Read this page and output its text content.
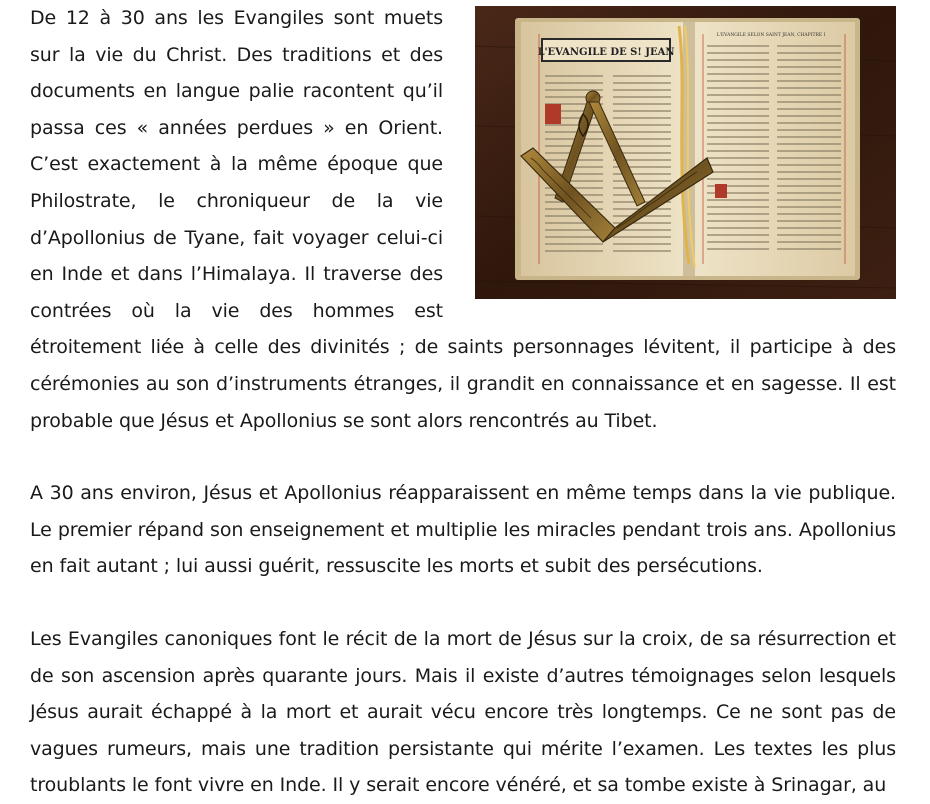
L'EVANGILE DE S! JEAN
L'EVANGILE SELON SAINT JEAN, CHAPITRE I

De 12 à 30 ans les Evangiles sont muets sur la vie du Christ. Des traditions et des documents en langue palie racontent qu’il passa ces « années perdues » en Orient. C’est exactement à la même époque que Philostrate, le chroniqueur de la vie d’Apollonius de Tyane, fait voyager celui-ci en Inde et dans l’Himalaya. Il traverse des contrées où la vie des hommes est étroitement liée à celle des divinités ; de saints personnages lévitent, il participe à des cérémonies au son d’instruments étranges, il grandit en connaissance et en sagesse. Il est probable que Jésus et Apollonius se sont alors rencontrés au Tibet.

A 30 ans environ, Jésus et Apollonius réapparaissent en même temps dans la vie publique. Le premier répand son enseignement et multiplie les miracles pendant trois ans. Apollonius en fait autant ; lui aussi guérit, ressuscite les morts et subit des persécutions.

Les Evangiles canoniques font le récit de la mort de Jésus sur la croix, de sa résurrection et de son ascension après quarante jours. Mais il existe d’autres témoignages selon lesquels Jésus aurait échappé à la mort et aurait vécu encore très longtemps. Ce ne sont pas de vagues rumeurs, mais une tradition persistante qui mérite l’examen. Les textes les plus troublants le font vivre en Inde. Il y serait encore vénéré, et sa tombe existe à Srinagar, au
